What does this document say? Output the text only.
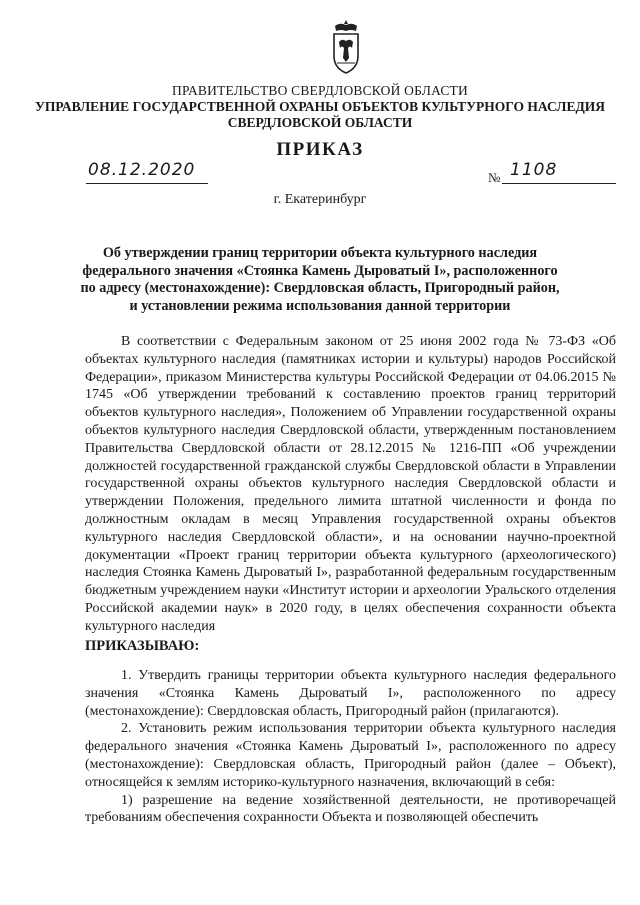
ПРАВИТЕЛЬСТВО СВЕРДЛОВСКОЙ ОБЛАСТИ
УПРАВЛЕНИЕ ГОСУДАРСТВЕННОЙ ОХРАНЫ ОБЪЕКТОВ КУЛЬТУРНОГО НАСЛЕДИЯ
СВЕРДЛОВСКОЙ ОБЛАСТИ
ПРИКАЗ
08.12.2020	№ 1108
г. Екатеринбург
Об утверждении границ территории объекта культурного наследия
федерального значения «Стоянка Камень Дыроватый I», расположенного
по адресу (местонахождение): Свердловская область, Пригородный район,
и установлении режима использования данной территории
В соответствии с Федеральным законом от 25 июня 2002 года № 73-ФЗ «Об объектах культурного наследия (памятниках истории и культуры) народов Российской Федерации», приказом Министерства культуры Российской Федерации от 04.06.2015 № 1745 «Об утверждении требований к составлению проектов границ территорий объектов культурного наследия», Положением об Управлении государственной охраны объектов культурного наследия Свердловской области, утвержденным постановлением Правительства Свердловской области от 28.12.2015 № 1216-ПП «Об учреждении должностей государственной гражданской службы Свердловской области в Управлении государственной охраны объектов культурного наследия Свердловской области и утверждении Положения, предельного лимита штатной численности и фонда по должностным окладам в месяц Управления государственной охраны объектов культурного наследия Свердловской области», и на основании научно-проектной документации «Проект границ территории объекта культурного (археологического) наследия Стоянка Камень Дыроватый I», разработанной федеральным государственным бюджетным учреждением науки «Институт истории и археологии Уральского отделения Российской академии наук» в 2020 году, в целях обеспечения сохранности объекта культурного наследия
ПРИКАЗЫВАЮ:

1. Утвердить границы территории объекта культурного наследия федерального значения «Стоянка Камень Дыроватый I», расположенного по адресу (местонахождение): Свердловская область, Пригородный район (прилагаются).

2. Установить режим использования территории объекта культурного наследия федерального значения «Стоянка Камень Дыроватый I», расположенного по адресу (местонахождение): Свердловская область, Пригородный район (далее – Объект), относящейся к землям историко-культурного назначения, включающий в себя:

1) разрешение на ведение хозяйственной деятельности, не противоречащей требованиям обеспечения сохранности Объекта и позволяющей обеспечить
